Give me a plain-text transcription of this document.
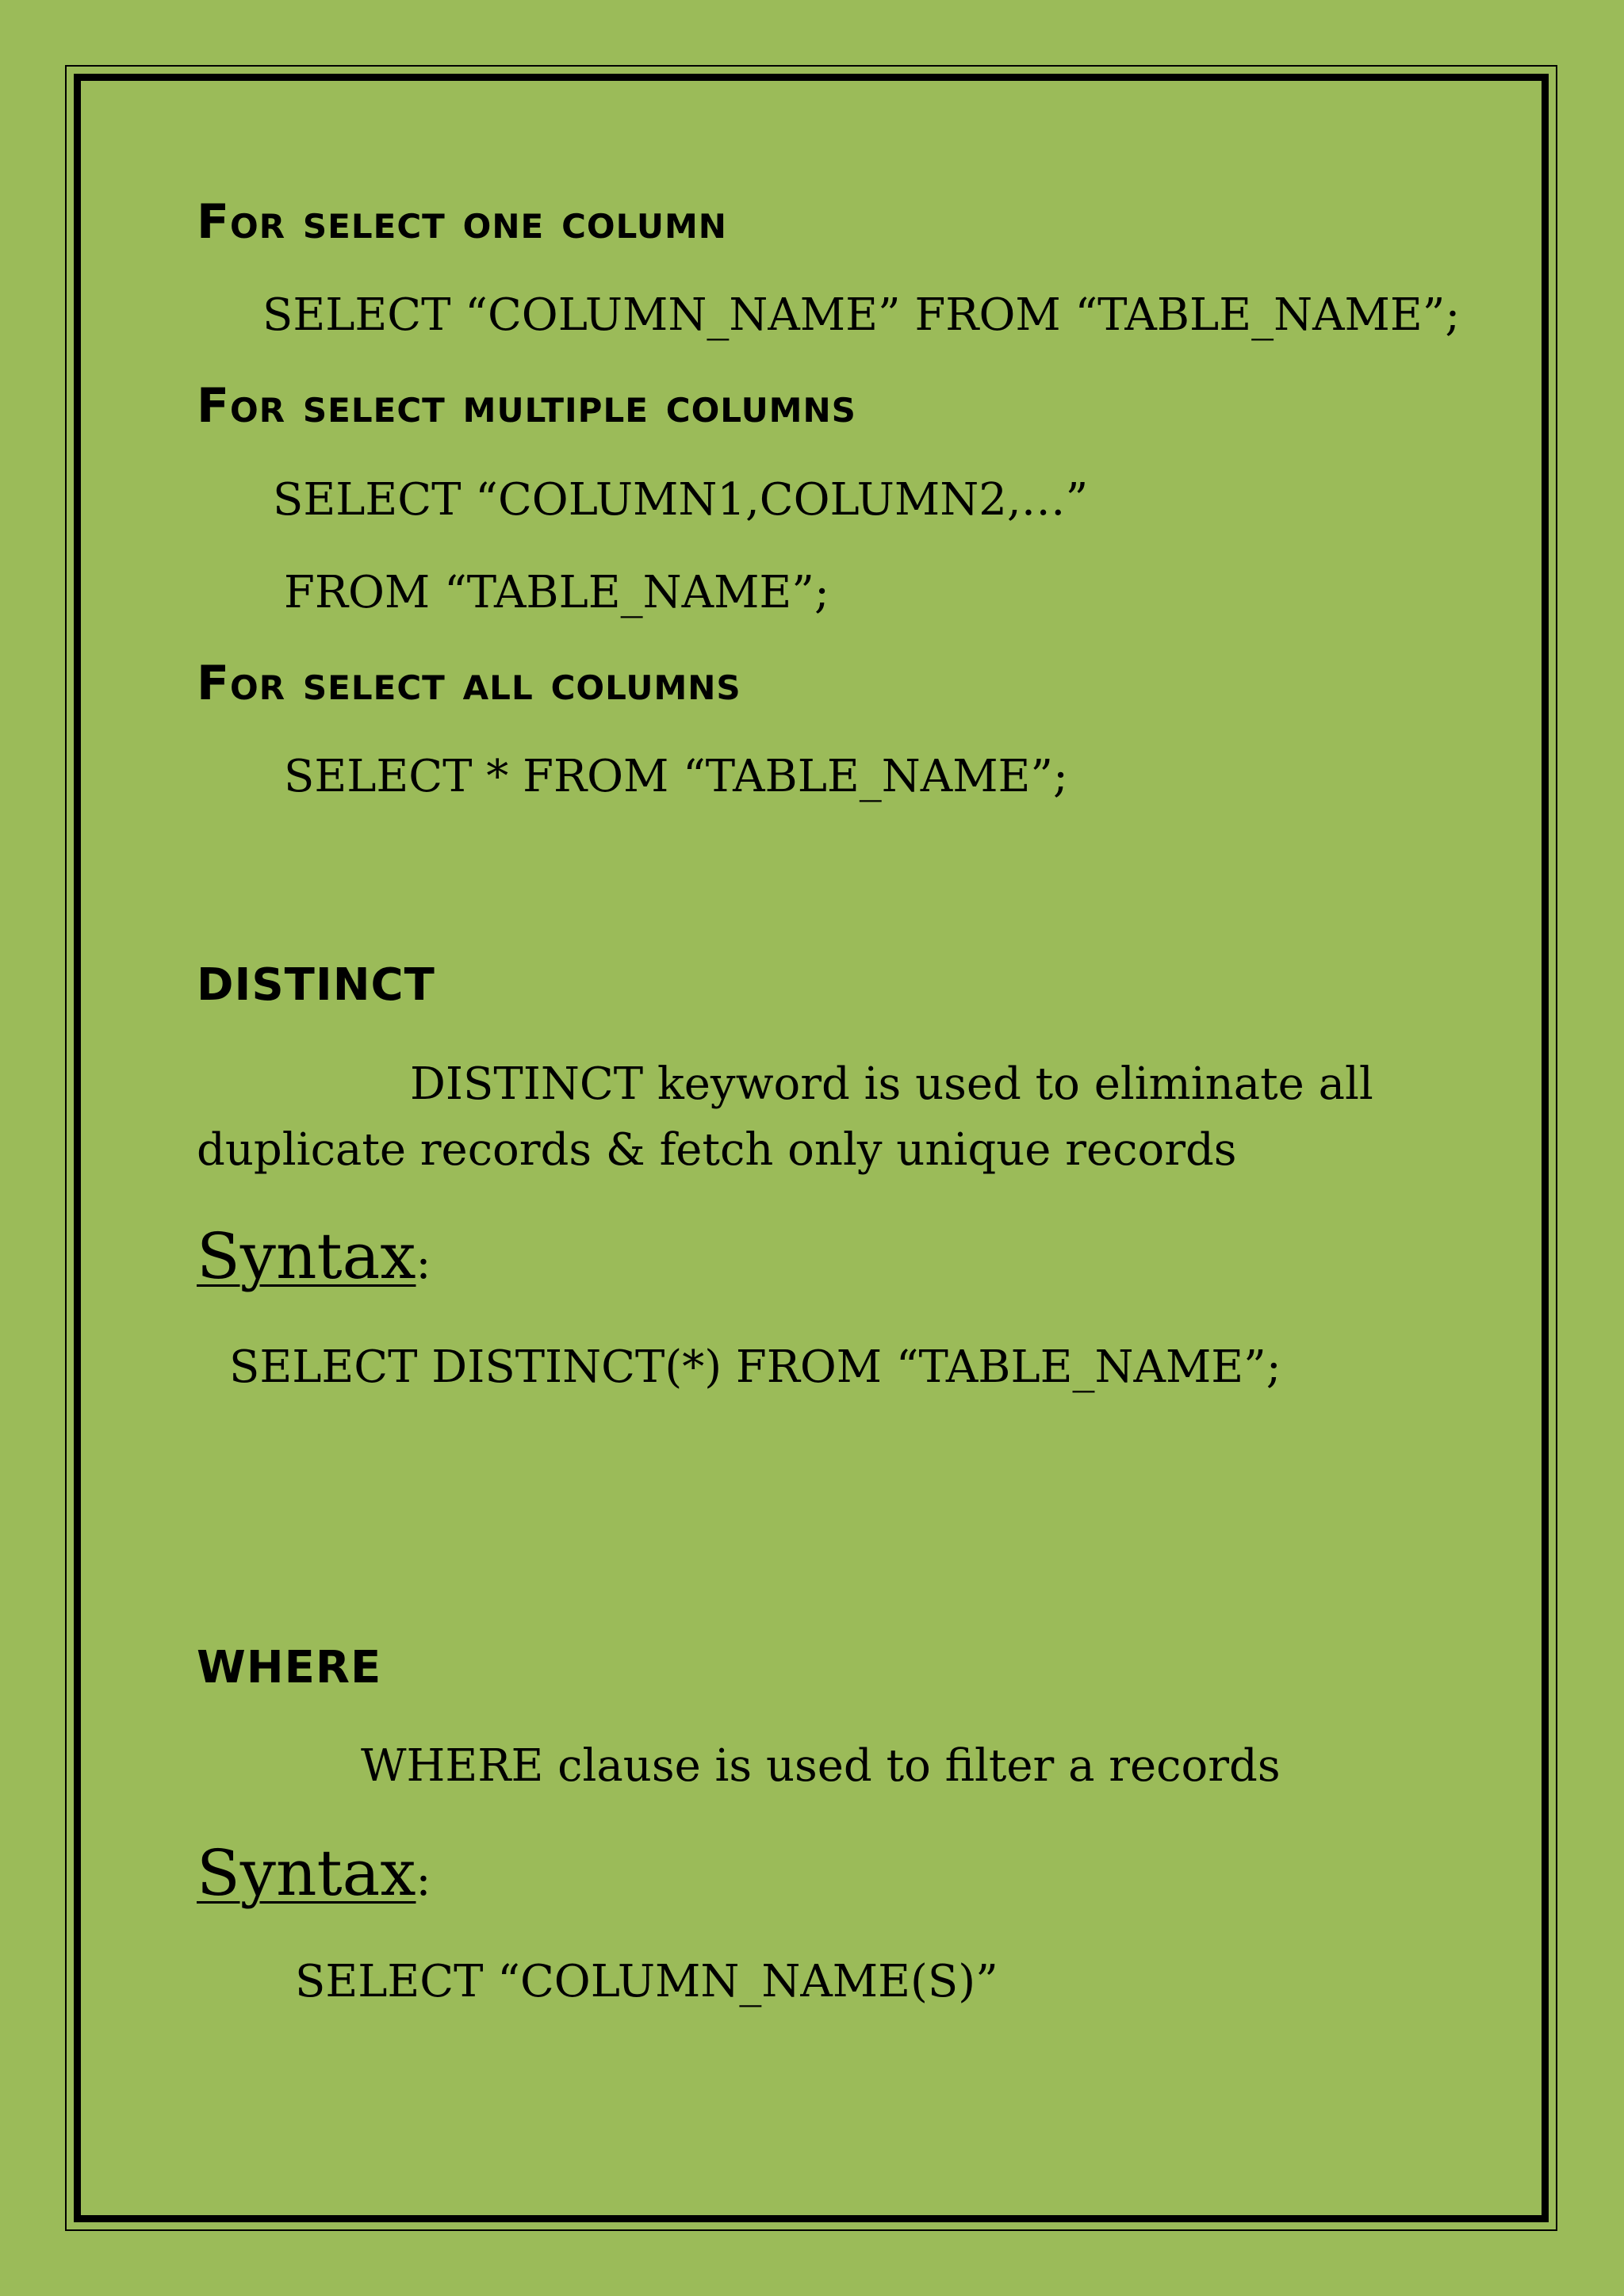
For select one column
SELECT “COLUMN_NAME” FROM “TABLE_NAME”;
For select multiple columns
SELECT “COLUMN1,COLUMN2,…”
FROM “TABLE_NAME”;
For select all columns
SELECT * FROM “TABLE_NAME”;
DISTINCT
DISTINCT keyword is used to eliminate all
duplicate records & fetch only unique records
Syntax:
SELECT DISTINCT(*) FROM “TABLE_NAME”;
WHERE
WHERE clause is used to filter a records
Syntax:
SELECT “COLUMN_NAME(S)”
